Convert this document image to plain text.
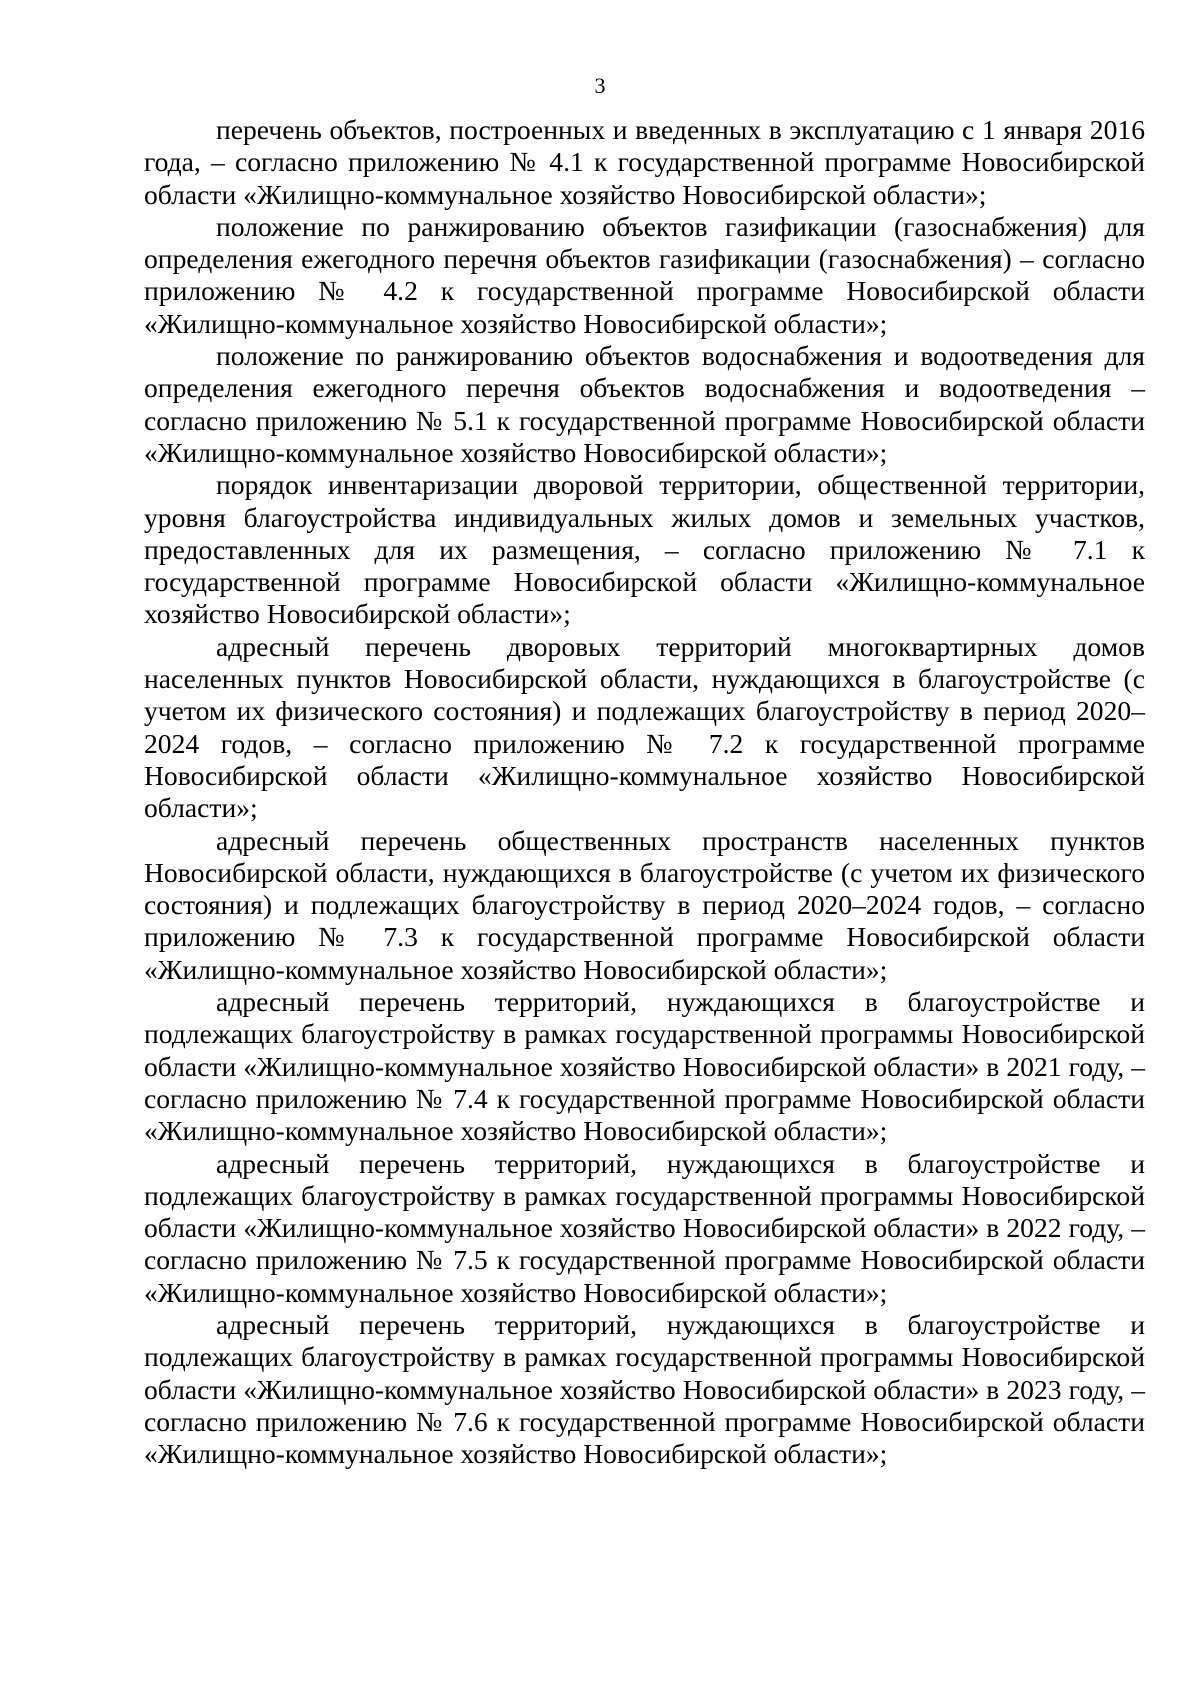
3

перечень объектов, построенных и введенных в эксплуатацию с 1 января 2016 года, – согласно приложению № 4.1 к государственной программе Новосибирской области «Жилищно-коммунальное хозяйство Новосибирской области»;

положение по ранжированию объектов газификации (газоснабжения) для определения ежегодного перечня объектов газификации (газоснабжения) – согласно приложению № 4.2 к государственной программе Новосибирской области «Жилищно-коммунальное хозяйство Новосибирской области»;

положение по ранжированию объектов водоснабжения и водоотведения для определения ежегодного перечня объектов водоснабжения и водоотведения – согласно приложению № 5.1 к государственной программе Новосибирской области «Жилищно-коммунальное хозяйство Новосибирской области»;

порядок инвентаризации дворовой территории, общественной территории, уровня благоустройства индивидуальных жилых домов и земельных участков, предоставленных для их размещения, – согласно приложению № 7.1 к государственной программе Новосибирской области «Жилищно-коммунальное хозяйство Новосибирской области»;

адресный перечень дворовых территорий многоквартирных домов населенных пунктов Новосибирской области, нуждающихся в благоустройстве (с учетом их физического состояния) и подлежащих благоустройству в период 2020–2024 годов, – согласно приложению № 7.2 к государственной программе Новосибирской области «Жилищно-коммунальное хозяйство Новосибирской области»;

адресный перечень общественных пространств населенных пунктов Новосибирской области, нуждающихся в благоустройстве (с учетом их физического состояния) и подлежащих благоустройству в период 2020–2024 годов, – согласно приложению № 7.3 к государственной программе Новосибирской области «Жилищно-коммунальное хозяйство Новосибирской области»;

адресный перечень территорий, нуждающихся в благоустройстве и подлежащих благоустройству в рамках государственной программы Новосибирской области «Жилищно-коммунальное хозяйство Новосибирской области» в 2021 году, – согласно приложению № 7.4 к государственной программе Новосибирской области «Жилищно-коммунальное хозяйство Новосибирской области»;

адресный перечень территорий, нуждающихся в благоустройстве и подлежащих благоустройству в рамках государственной программы Новосибирской области «Жилищно-коммунальное хозяйство Новосибирской области» в 2022 году, – согласно приложению № 7.5 к государственной программе Новосибирской области «Жилищно-коммунальное хозяйство Новосибирской области»;

адресный перечень территорий, нуждающихся в благоустройстве и подлежащих благоустройству в рамках государственной программы Новосибирской области «Жилищно-коммунальное хозяйство Новосибирской области» в 2023 году, – согласно приложению № 7.6 к государственной программе Новосибирской области «Жилищно-коммунальное хозяйство Новосибирской области»;
